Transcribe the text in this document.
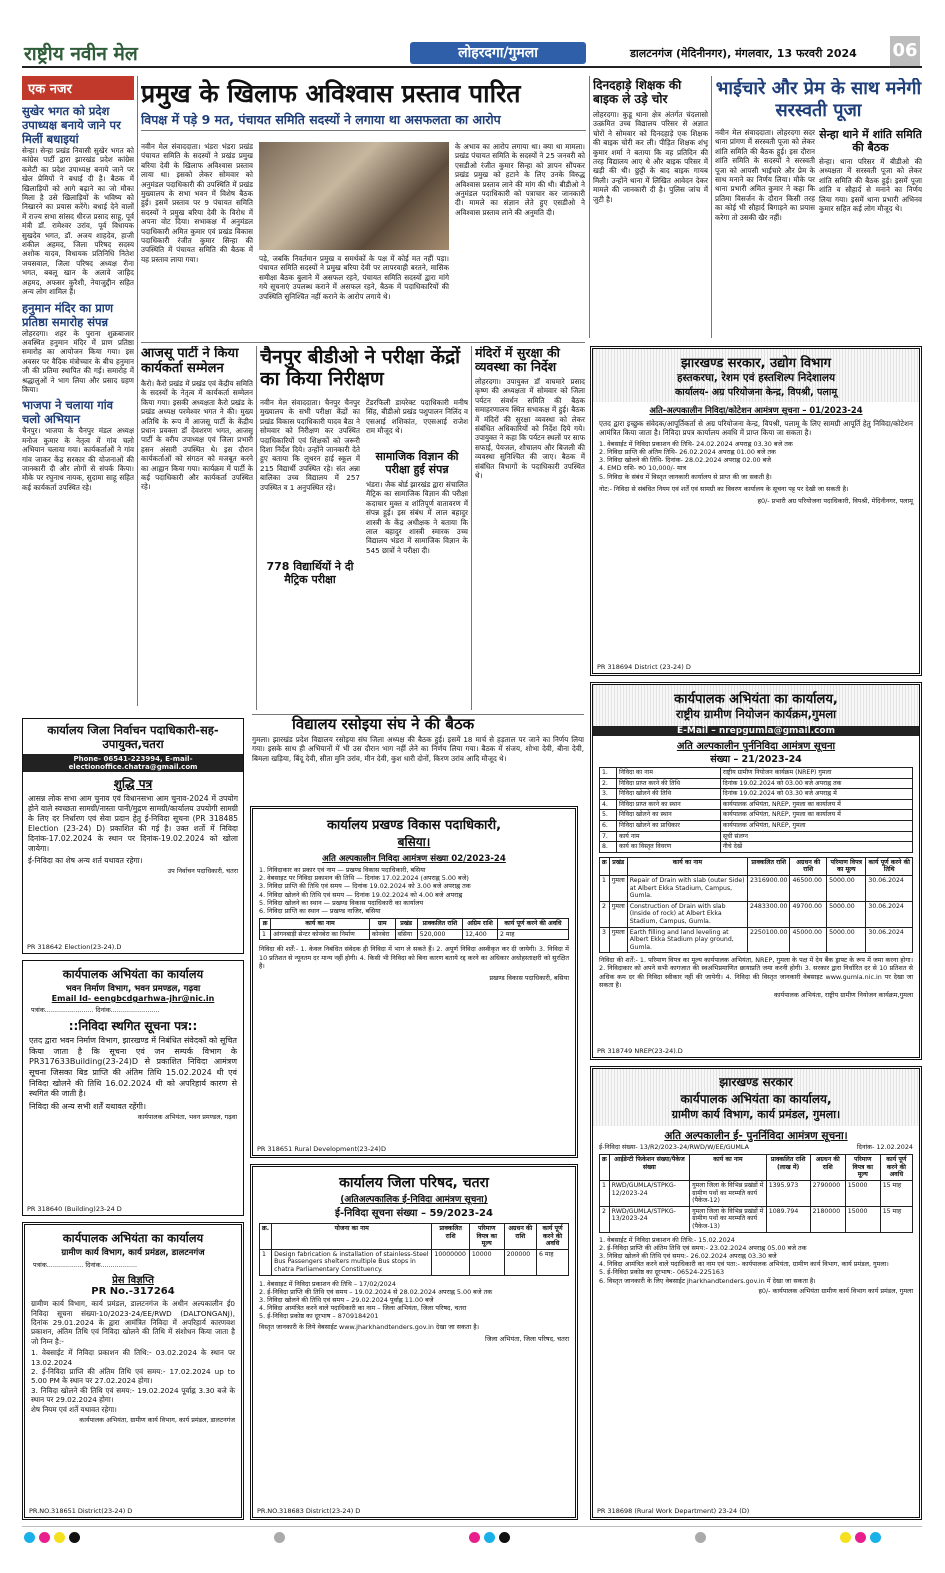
राष्ट्रीय नवीन मेल	लोहरदगा/गुमला	डालटनगंज (मेदिनीनगर), मंगलवार, 13 फरवरी 2024 06
एक नजर
सुखेर भगत को प्रदेश उपाध्यक्ष बनाये जाने पर मिलीं बधाइयां
सेन्हा। सेन्हा प्रखंड निवासी सुखेर भगत को कांग्रेस पार्टी द्वारा झारखंड प्रदेश कांग्रेस कमेटी का प्रदेश उपाध्यक्ष बनाये जाने पर खेल प्रेमियों ने बधाई दी है। बैठक में खिलाड़ियों को आगे बढ़ाने का जो मौका मिला है उसे खिलाड़ियों के भविष्य को निखारने का प्रयास करेंगे। बधाई देने वालों में राज्य सभा सांसद धीरज प्रसाद साहू, पूर्व मंत्री डॉ. रामेश्वर उरांव, पूर्व विधायक सुखदेव भगत, डॉ. अजय शाहदेव, हाजी शकील अहमद, जिला परिषद सदस्य अशोक यादव, विधायक प्रतिनिधि नितेश जयसवाल, जिला परिषद अध्यक्ष रीना भगत, बबलू खान के अलावे जाहिद अहमद, अफसर कुरैशी, नेयाजुद्दीन सहित अन्य लोग शामिल हैं।
हनुमान मंदिर का प्राण प्रतिष्ठा समारोह संपन्न
लोहरदगा। शहर के पुराना शुक्रबाजार अवस्थित हनुमान मंदिर में प्राण प्रतिष्ठा समारोह का आयोजन किया गया। इस अवसर पर वैदिक मंत्रोच्चार के बीच हनुमान जी की प्रतिमा स्थापित की गई। समारोह में श्रद्धालुओं ने भाग लिया और प्रसाद ग्रहण किया।
भाजपा ने चलाया गांव चलो अभियान
चैनपुर। भाजपा के चैनपुर मंडल अध्यक्ष मनोज कुमार के नेतृत्व में गांव चलो अभियान चलाया गया। कार्यकर्ताओं ने गांव गांव जाकर केंद्र सरकार की योजनाओं की जानकारी दी और लोगों से संपर्क किया। मौके पर रघुनाथ नायक, सुदामा साहू सहित कई कार्यकर्ता उपस्थित रहे।
प्रमुख के खिलाफ अविश्वास प्रस्ताव पारित
विपक्ष में पड़े 9 मत, पंचायत समिति सदस्यों ने लगाया था असफलता का आरोप
नवीन मेल संवाददाता। भंडरा भंडरा प्रखंड पंचायत समिति के सदस्यों ने प्रखंड प्रमुख बरिया देवी के खिलाफ अविश्वास प्रस्ताव लाया था। इसको लेकर सोमवार को अनुमंडल पदाधिकारी की उपस्थिति में प्रखंड मुख्यालय के सभा भवन में विशेष बैठक हुई। इसमें प्रस्ताव पर 9 पंचायत समिति सदस्यों ने प्रमुख बरिया देवी के विरोध में अपना वोट दिया। सभाकक्ष में अनुमंडल पदाधिकारी अमित कुमार एवं प्रखंड विकास पदाधिकारी रंजीत कुमार सिन्हा की उपस्थिति में पंचायत समिति की बैठक में यह प्रस्ताव लाया गया।	पड़े, जबकि निवर्तमान प्रमुख व समर्थकों के पक्ष में कोई मत नहीं पड़ा। पंचायत समिति सदस्यों ने प्रमुख बरिया देवी पर लापरवाही बरतने, मासिक समीक्षा बैठक बुलाने में असफल रहने, पंचायत समिति सदस्यों द्वारा मांगे गये सूचनाएं उपलब्ध कराने में असफल रहने, बैठक में पदाधिकारियों की उपस्थिति सुनिश्चित नहीं कराने के आरोप लगाये थे।
के अभाव का आरोप लगाया था। क्या था मामला। प्रखंड पंचायत समिति के सदस्यों ने 25 जनवरी को एसडीओ रंजीत कुमार सिन्हा को ज्ञापन सौंपकर प्रखंड प्रमुख को हटाने के लिए उनके विरुद्ध अविश्वास प्रस्ताव लाने की मांग की थी। बीडीओ ने अनुमंडल पदाधिकारी को पत्राचार कर जानकारी दी। मामले का संज्ञान लेते हुए एसडीओ ने अविश्वास प्रस्ताव लाने की अनुमति दी।
दिनदहाड़े शिक्षक की बाइक ले उड़े चोर
लोहरदगा। कुडू थाना क्षेत्र अंतर्गत चंदलासो उत्क्रमित उच्च विद्यालय परिसर से अज्ञात चोरों ने सोमवार को दिनदहाड़े एक शिक्षक की बाइक चोरी कर ली। पीड़ित शिक्षक शंभू कुमार शर्मा ने बताया कि वह प्रतिदिन की तरह विद्यालय आए थे और बाइक परिसर में खड़ी की थी। छुट्टी के बाद बाइक गायब मिली। उन्होंने थाना में लिखित आवेदन देकर मामले की जानकारी दी है। पुलिस जांच में जुटी है।
भाईचारे और प्रेम के साथ मनेगी सरस्वती पूजा
नवीन मेल संवाददाता। लोहरदगा सदर थाना प्रांगण में सरस्वती पूजा को लेकर शांति समिति की बैठक हुई। इस दौरान शांति समिति के सदस्यों ने सरस्वती पूजा को आपसी भाईचारे और प्रेम के साथ मनाने का निर्णय लिया। मौके पर थाना प्रभारी अमित कुमार ने कहा कि प्रतिमा विसर्जन के दौरान किसी तरह का कोई भी सौहार्द बिगाड़ने का प्रयास करेगा तो उसकी खैर नहीं।
सेन्हा थाने में शांति समिति की बैठक
सेन्हा। थाना परिसर में बीडीओ की अध्यक्षता में सरस्वती पूजा को लेकर शांति समिति की बैठक हुई। इसमें पूजा शांति व सौहार्द से मनाने का निर्णय लिया गया। इसमें थाना प्रभारी अभिनव कुमार सहित कई लोग मौजूद थे।
आजसू पार्टी ने किया कार्यकर्ता सम्मेलन
कैरो। कैरो प्रखंड में प्रखंड एवं केंद्रीय समिति के सदस्यों के नेतृत्व में कार्यकर्ता सम्मेलन किया गया। इसकी अध्यक्षता कैरो प्रखंड के प्रखंड अध्यक्ष परमेश्वर भगत ने की। मुख्य अतिथि के रूप में आजसू पार्टी के केंद्रीय प्रधान प्रवक्ता डॉ देवशरण भगत, आजसू पार्टी के वरीय उपाध्यक्ष एवं जिला प्रभारी हसन अंसारी उपस्थित थे। इस दौरान कार्यकर्ताओं को संगठन को मजबूत करने का आह्वान किया गया। कार्यक्रम में पार्टी के कई पदाधिकारी और कार्यकर्ता उपस्थित रहे।
चैनपुर बीडीओ ने परीक्षा केंद्रों का किया निरीक्षण
नवीन मेल संवाददाता। चैनपुर चैनपुर मुख्यालय के सभी परीक्षा केंद्रों का प्रखंड विकास पदाधिकारी यादव बैठा ने सोमवार को निरीक्षण कर उपस्थित पदाधिकारियों एवं शिक्षकों को जरूरी दिशा निर्देश दिये। उन्होंने जानकारी देते हुए बताया कि लूथरन हाई स्कूल में 215 विद्यार्थी उपस्थित रहे। संत अन्ना बालिका उच्च विद्यालय में 257 उपस्थित व 1 अनुपस्थित रहे।
778 विद्यार्थियों ने दी मैट्रिक परीक्षा
टेंडरफिली डायरेक्ट पदाधिकारी मनीष सिंह, बीडीओ प्रखंड पशुपालन निलिंद व एसआई शशिकांत, एएसआई राजेश राम मौजूद थे।
सामाजिक विज्ञान की परीक्षा हुई संपन्न
भंडरा। जैक बोर्ड झारखंड द्वारा संचालित मैट्रिक का सामाजिक विज्ञान की परीक्षा कदाचार मुक्त व शांतिपूर्ण वातावरण में संपन्न हुई। इस संबंध में लाल बहादुर शास्त्री के केंद्र अधीक्षक ने बताया कि लाल बहादुर शास्त्री स्मारक उच्च विद्यालय भंडरा में सामाजिक विज्ञान के 545 छात्रों ने परीक्षा दी।
मंदिरों में सुरक्षा की व्यवस्था का निर्देश
लोहरदगा। उपायुक्त डॉ वाघमारे प्रसाद कृष्ण की अध्यक्षता में सोमवार को जिला पर्यटन संवर्धन समिति की बैठक समाहरणालय स्थित सभाकक्ष में हुई। बैठक में मंदिरों की सुरक्षा व्यवस्था को लेकर संबंधित अधिकारियों को निर्देश दिये गये। उपायुक्त ने कहा कि पर्यटन स्थलों पर साफ सफाई, पेयजल, शौचालय और बिजली की व्यवस्था सुनिश्चित की जाए। बैठक में संबंधित विभागों के पदाधिकारी उपस्थित थे।
विद्यालय रसोइया संघ ने की बैठक
गुमला। झारखंड प्रदेश विद्यालय रसोइया संघ जिला अध्यक्ष की बैठक हुई। इसमें 18 मार्च से हड़ताल पर जाने का निर्णय लिया गया। इसके साथ ही अभियानों में भी उस दौरान भाग नहीं लेने का निर्णय लिया गया। बैठक में संजय, शोभा देवी, बीना देवी, बिमला खड़िया, बिंदू देवी, सीता मुनि उरांव, मीन देवी, कुश धारी दोनों, किरण उरांव आदि मौजूद थे।
कार्यालय जिला निर्वाचन पदाधिकारी-सह-उपायुक्त,चतरा
Phone- 06541-223994, E-mail-electionoffice.chatra@gmail.com
शुद्धि पत्र
आसन्न लोक सभा आम चुनाव एवं विधानसभा आम चुनाव-2024 में उपयोग होने वाले स्वच्छता सामग्री/नास्ता पानी/मुद्रण सामग्री/कार्यालय उपयोगी सामग्री के लिए दर निर्धारण एवं सेवा प्रदान हेतु ई-निविदा सूचना (PR 318485 Election (23-24) D) प्रकाशित की गई है। उक्त शर्तो में निविदा दिनांक-17.02.2024 के स्थान पर दिनांक-19.02.2024 को खोला जायेगा।
ई-निविदा का शेष अन्य शर्त यथावत रहेगा।
उप निर्वाचन पदाधिकारी, चतरा
PR 318642 Election(23-24).D
कार्यपालक अभियंता का कार्यालय
भवन निर्माण विभाग, भवन प्रमण्डल, गढ़वा
Email Id- eengbcdgarhwa-jhr@nic.in
पत्रांक........................ दिनांक........................
::निविदा स्थगित सूचना पत्र::
एतद द्वारा भवन निर्माण विभाग, झारखण्ड में निबंधित संवेदकों को सूचित किया जाता है कि सूचना एवं जन सम्पर्क विभाग के PR317633Building(23-24)D से प्रकाशित निविदा आमंत्रण सूचना जिसका बिड प्राप्ति की अंतिम तिथि 15.02.2024 थी एवं निविदा खोलने की तिथि 16.02.2024 थी को अपरिहार्य कारण से स्थगित की जाती है।
निविदा की अन्य सभी शर्तें यथावत रहेंगी।
कार्यपालक अभियंता, भवन प्रमण्डल, गढ़वा
PR 318640 (Building)23-24 D
कार्यपालक अभियंता का कार्यालय
ग्रामीण कार्य विभाग, कार्य प्रमंडल, डालटनगंज
पत्रांक.................. दिनांक..................
प्रेस विज्ञप्ति
PR No.-317264
ग्रामीण कार्य विभाग, कार्य प्रमंडल, डालटनगंज के अधीन अल्पकालीन ई0 निविदा सूचना संख्या-10/2023-24/EE/RWD (DALTONGANJ), दिनांक 29.01.2024 के द्वारा आमंत्रित निविदा में अपरिहार्य कारणवश प्रकाशन, अंतिम तिथि एवं निविदा खोलने की तिथि में संशोधन किया जाता है जो निम्न है:-
1. वेबसाईट में निविदा प्रकाशन की तिथि:- 03.02.2024 के स्थान पर 13.02.2024
2. ई-निविदा प्राप्ति की अंतिम तिथि एवं समय:- 17.02.2024 up to 5.00 PM के स्थान पर 27.02.2024 होगा।
3. निविदा खोलने की तिथि एवं समय:- 19.02.2024 पूर्वाह्न 3.30 बजे के स्थान पर 29.02.2024 होगा।
शेष नियम एवं शर्ते यथावत रहेगा।
कार्यपालक अभियंता, ग्रामीण कार्य विभाग, कार्य प्रमंडल, डालटनगंज
PR.NO.318651 District(23-24) D
कार्यालय प्रखण्ड विकास पदाधिकारी,
बसिया।
अति अल्पकालीन निविदा आमंत्रण संख्या 02/2023-24
1. निविदाकार का प्रकार एवं नाम — प्रखण्ड विकास पदाधिकारी, बसिया
2. वेबसाइट पर निविदा प्रकाशन की तिथि — दिनांक 17.02.2024 (अपराह्न 5.00 बजे)
3. निविदा प्राप्ति की तिथि एवं समय — दिनांक 19.02.2024 को 3.00 बजे अपराह्न तक
4. निविदा खोलने की तिथि एवं समय — दिनांक 19.02.2024 को 4.00 बजे अपराह्न
5. निविदा खोलने का स्थान — प्रखण्ड विकास पदाधिकारी का कार्यालय
6. निविदा प्राप्ति का स्थान — प्रखण्ड नाजिर, बसिया
क्र	कार्य का नाम	ग्राम	प्रखंड	प्राक्कलित राशि	अग्रिम राशि	कार्य पूर्ण करने की अवधि
1	आंगनबाड़ी सेन्टर कोनबेरा का निर्माण	कोनबेरा	बसिया	520,000	12,400	2 माह
निविदा की शर्तें:- 1. केवल निबंधित संवेदक ही निविदा में भाग ले सकते हैं। 2. अपूर्ण निविदा अस्वीकृत कर दी जायेगी। 3. निविदा में 10 प्रतिशत से न्यूनतम दर मान्य नहीं होगी। 4. किसी भी निविदा को बिना कारण बताये रद्द करने का अधिकार अधोहस्ताक्षरी को सुरक्षित है।
प्रखण्ड विकास पदाधिकारी, बसिया
PR 318651 Rural Development(23-24)D
कार्यालय जिला परिषद, चतरा
(अतिअल्पकालिक ई-निविदा आमंत्रण सूचना)
ई-निविदा सूचना संख्या – 59/2023-24
क्र.	योजना का नाम	प्राक्कलित राशि	परिमाण विपत्र का मूल्य	अग्रधन की राशि	कार्य पूर्ण करने की अवधि
1	Design fabrication & installation of stainless-Steel Bus Passengers shelters multiple Bus stops in chatra Parliamentary Constituency.	10000000	10000	200000	6 माह
1. वेबसाइट में निविदा प्रकाशन की तिथि – 17/02/2024
2. ई-निविदा प्राप्ति की तिथि एवं समय – 19.02.2024 से 28.02.2024 अपराह्न 5.00 बजे तक
3. निविदा खोलने की तिथि एवं समय – 29.02.2024 पूर्वाह्न 11.00 बजे
4. निविदा आमंत्रित करने वाले पदाधिकारी का नाम – जिला अभियंता, जिला परिषद, चतरा
5. ई-निविदा प्रकोष्ठ का दूरभाष – 8709184201
विस्तृत जानकारी के लिये वेबसाईट www.jharkhandtenders.gov.in देखा जा सकता है।
जिला अभियंता, जिला परिषद, चतरा
PR.NO.318683 District(23-24) D
झारखण्ड सरकार, उद्योग विभाग
हस्तकरघा, रेशम एवं हस्तशिल्प निदेशालय
कार्यालय- अग्र परियोजना केन्द्र, विपश्री, पलामू
अति-अल्पकालीन निविदा/कोटेशन आमंत्रण सूचना – 01/2023-24
एतद द्वारा इच्छुक संवेदक/आपूर्तिकर्ता से अग्र परियोजना केन्द्र, विपश्री, पलामू के लिए सामग्री आपूर्ति हेतु निविदा/कोटेशन आमंत्रित किया जाता है। निविदा प्रपत्र कार्यालय अवधि में प्राप्त किया जा सकता है।
1. वेबसाईट में निविदा प्रकाशन की तिथि- 24.02.2024 अपराह्न 03.30 बजे तक
2. निविदा प्राप्ति की अंतिम तिथि- 26.02.2024 अपराह्न 01.00 बजे तक
3. निविदा खोलने की तिथि- दिनांक- 28.02.2024 अपराह्न 02.00 बजे
4. EMD राशि- रु0 10,000/- मात्र
5. निविदा के संबंध में विस्तृत जानकारी कार्यालय से प्राप्त की जा सकती है।
नोट:- निविदा से संबंधित नियम एवं शर्तें एवं सामग्री का विवरण कार्यालय के सूचना पट्ट पर देखी जा सकती है।
ह0/- प्रभारी अग्र परियोजना पदाधिकारी, विपश्री, मेदिनीनगर, पलामू
PR 318694 District (23-24) D
कार्यपालक अभियंता का कार्यालय,
राष्ट्रीय ग्रामीण नियोजन कार्यक्रम,गुमला
E-Mail – nrepgumla@gmail.com
अति अल्पकालीन पुर्ननिविदा आमंत्रण सूचना
संख्या – 21/2023-24
1.	निविदा का नाम	राष्ट्रीय ग्रामीण नियोजन कार्यक्रम (NREP) गुमला
2.	निविदा प्राप्त करने की तिथि	दिनांक 19.02.2024 को 03.00 बजे अपराह्न तक
3.	निविदा खोलने की तिथि	दिनांक 19.02.2024 को 03.30 बजे अपराह्न में
4.	निविदा प्राप्त करने का स्थान	कार्यपालक अभियंता, NREP, गुमला का कार्यालय में
5.	निविदा खोलने का स्थान	कार्यपालक अभियंता, NREP, गुमला का कार्यालय में
6.	निविदा खोलने का प्राधिकार	कार्यपालक अभियंता, NREP, गुमला
7.	कार्य नाम	सूची संलग्न
8.	कार्य का विस्तृत विवरण	नीचे देखें
क्र	प्रखंड	कार्य का नाम	प्राक्कलित राशि	अग्रधन की राशि	परिमाण विपत्र का मूल्य	कार्य पूर्ण करने की तिथि
1	गुमला	Repair of Drain with slab (outer Side) at Albert Ekka Stadium, Campus, Gumla.	2316900.00	46500.00	5000.00	30.06.2024
2	गुमला	Construction of Drain with slab (Inside of rock) at Albert Ekka Stadium, Campus, Gumla.	2483300.00	49700.00	5000.00	30.06.2024
3	गुमला	Earth filling and land leveling at Albert Ekka Stadium play ground, Gumla.	2250100.00	45000.00	5000.00	30.06.2024
निविदा की शर्तें:- 1. परिमाण विपत्र का मूल्य कार्यपालक अभियंता, NREP, गुमला के पक्ष में देय बैंक ड्राफ्ट के रूप में जमा करना होगा। 2. निविदाकार को अपने सभी कागजात की स्वअभिप्रमाणित छायाप्रति जमा करनी होगी। 3. सरकार द्वारा निर्धारित दर से 10 प्रतिशत से अधिक कम दर की निविदा स्वीकार नहीं की जायेगी। 4. निविदा की विस्तृत जानकारी वेबसाइट www.gumla.nic.in पर देखा जा सकता है।
कार्यपालक अभियंता, राष्ट्रीय ग्रामीण नियोजन कार्यक्रम,गुमला
PR 318749 NREP(23-24).D
झारखण्ड सरकार
कार्यपालक अभियंता का कार्यालय,
ग्रामीण कार्य विभाग, कार्य प्रमंडल, गुमला।
अति अल्पकालीन ई- पुनर्निविदा आमंत्रण सूचना।
ई-निविदा संख्या- 13/R2/2023-24/RWD/W/EE/GUMLA	दिनांक- 12.02.2024
क्र	आईडेन्टी फिकेशन संख्या/पैकेज संख्या	कार्य का नाम	प्राक्कलित राशि (लाख में)	अग्रधन की राशि	परिमाण विपत्र का मूल्य	कार्य पूर्ण करने की अवधि
1	RWD/GUMLA/STPKG-12/2023-24	गुमला जिला के विभिन्न प्रखंडों में ग्रामीण पथों का मरम्मति कार्य (पैकेज-12)	1395.973	2790000	15000	15 माह
2	RWD/GUMLA/STPKG-13/2023-24	गुमला जिला के विभिन्न प्रखंडों में ग्रामीण पथों का मरम्मति कार्य (पैकेज-13)	1089.794	2180000	15000	15 माह
1. वेबसाईट में निविदा प्रकाशन की तिथि:- 15.02.2024
2. ई-निविदा प्राप्ति की अंतिम तिथि एवं समय:- 23.02.2024 अपराह्न 05.00 बजे तक
3. निविदा खोलने की तिथि एवं समय:- 26.02.2024 अपराह्न 03.30 बजे
4. निविदा आमंत्रित करने वाले पदाधिकारी का नाम एवं पता:- कार्यपालक अभियंता, ग्रामीण कार्य विभाग, कार्य प्रमंडल, गुमला।
5. ई-निविदा प्रकोष्ठ का दूरभाष:- 06524-225163
6. विस्तृत जानकारी के लिए वेबसाईट jharkhandtenders.gov.in में देखा जा सकता है।
ह0/- कार्यपालक अभियंता ग्रामीण कार्य विभाग कार्य प्रमंडल, गुमला
PR 318698 (Rural Work Department) 23-24 (D)
